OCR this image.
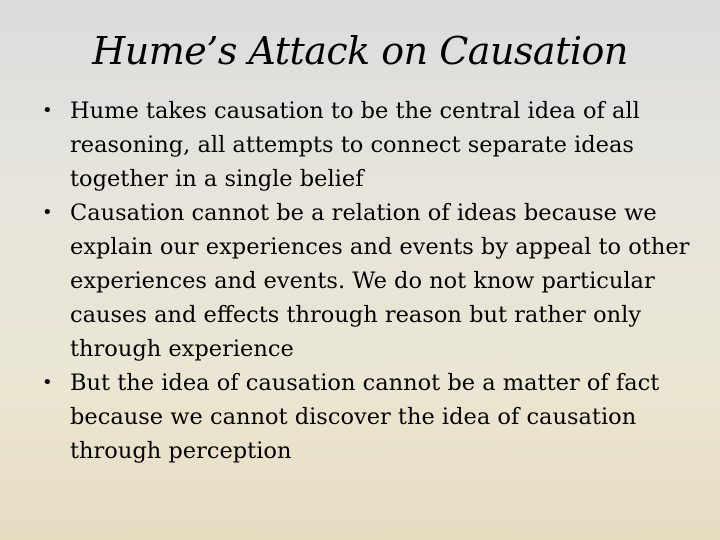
Hume’s Attack on Causation
• Hume takes causation to be the central idea of all reasoning, all attempts to connect separate ideas together in a single belief
• Causation cannot be a relation of ideas because we explain our experiences and events by appeal to other experiences and events. We do not know particular causes and effects through reason but rather only through experience
• But the idea of causation cannot be a matter of fact because we cannot discover the idea of causation through perception
